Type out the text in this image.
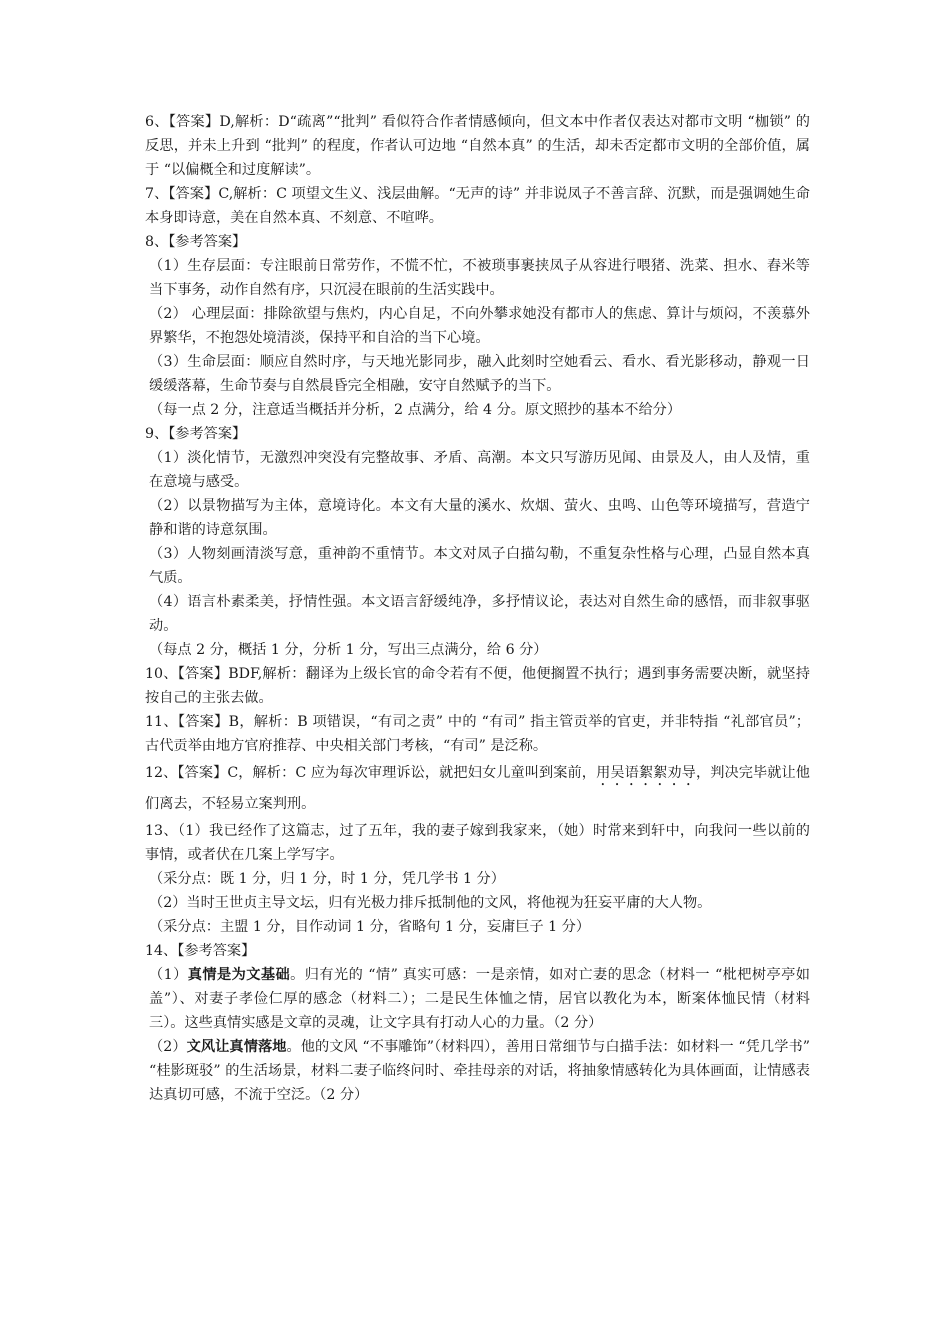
6、【答案】D,解析：D“疏离”“批判” 看似符合作者情感倾向，但文本中作者仅表达对都市文明 “枷锁” 的反思，并未上升到 “批判” 的程度，作者认可边地 “自然本真” 的生活，却未否定都市文明的全部价值，属于 “以偏概全和过度解读”。

7、【答案】C,解析：C 项望文生义、浅层曲解。“无声的诗” 并非说凤子不善言辞、沉默，而是强调她生命本身即诗意，美在自然本真、不刻意、不喧哗。

8、【参考答案】

（1）生存层面：专注眼前日常劳作，不慌不忙，不被琐事裹挟凤子从容进行喂猪、洗菜、担水、舂米等当下事务，动作自然有序，只沉浸在眼前的生活实践中。

（2） 心理层面：排除欲望与焦灼，内心自足，不向外攀求她没有都市人的焦虑、算计与烦闷，不羡慕外界繁华，不抱怨处境清淡，保持平和自洽的当下心境。

（3）生命层面：顺应自然时序，与天地光影同步，融入此刻时空她看云、看水、看光影移动，静观一日缓缓落幕，生命节奏与自然晨昏完全相融，安守自然赋予的当下。

（每一点 2 分，注意适当概括并分析，2 点满分，给 4 分。原文照抄的基本不给分）

9、【参考答案】

（1）淡化情节，无激烈冲突没有完整故事、矛盾、高潮。本文只写游历见闻、由景及人，由人及情，重在意境与感受。

（2）以景物描写为主体，意境诗化。本文有大量的溪水、炊烟、萤火、虫鸣、山色等环境描写，营造宁静和谐的诗意氛围。

（3）人物刻画清淡写意，重神韵不重情节。本文对凤子白描勾勒，不重复杂性格与心理，凸显自然本真气质。

（4）语言朴素柔美，抒情性强。本文语言舒缓纯净，多抒情议论，表达对自然生命的感悟，而非叙事驱动。

（每点 2 分，概括 1 分，分析 1 分，写出三点满分，给 6 分）

10、【答案】BDF,解析：翻译为上级长官的命令若有不便，他便搁置不执行；遇到事务需要决断，就坚持按自己的主张去做。

11、【答案】B，解析：B 项错误，“有司之责” 中的 “有司” 指主管贡举的官吏，并非特指 “礼部官员”；古代贡举由地方官府推荐、中央相关部门考核，“有司” 是泛称。

12、【答案】C，解析：C 应为每次审理诉讼，就把妇女儿童叫到案前，用吴语絮絮劝导，判决完毕就让他们离去，不轻易立案判刑。

13、（1）我已经作了这篇志，过了五年，我的妻子嫁到我家来，（她）时常来到轩中，向我问一些以前的事情，或者伏在几案上学写字。

（采分点：既 1 分，归 1 分，时 1 分，凭几学书 1 分）

（2）当时王世贞主导文坛，归有光极力排斥抵制他的文风，将他视为狂妄平庸的大人物。

（采分点：主盟 1 分，目作动词 1 分，省略句 1 分，妄庸巨子 1 分）

14、【参考答案】

（1）真情是为文基础。归有光的 “情” 真实可感：一是亲情，如对亡妻的思念（材料一 “枇杷树亭亭如盖”）、对妻子孝俭仁厚的感念（材料二）；二是民生体恤之情，居官以教化为本，断案体恤民情（材料三）。这些真情实感是文章的灵魂，让文字具有打动人心的力量。（2 分）

（2）文风让真情落地。他的文风 “不事雕饰”（材料四），善用日常细节与白描手法：如材料一 “凭几学书” “桂影斑驳” 的生活场景，材料二妻子临终问时、牵挂母亲的对话，将抽象情感转化为具体画面，让情感表达真切可感，不流于空泛。（2 分）
